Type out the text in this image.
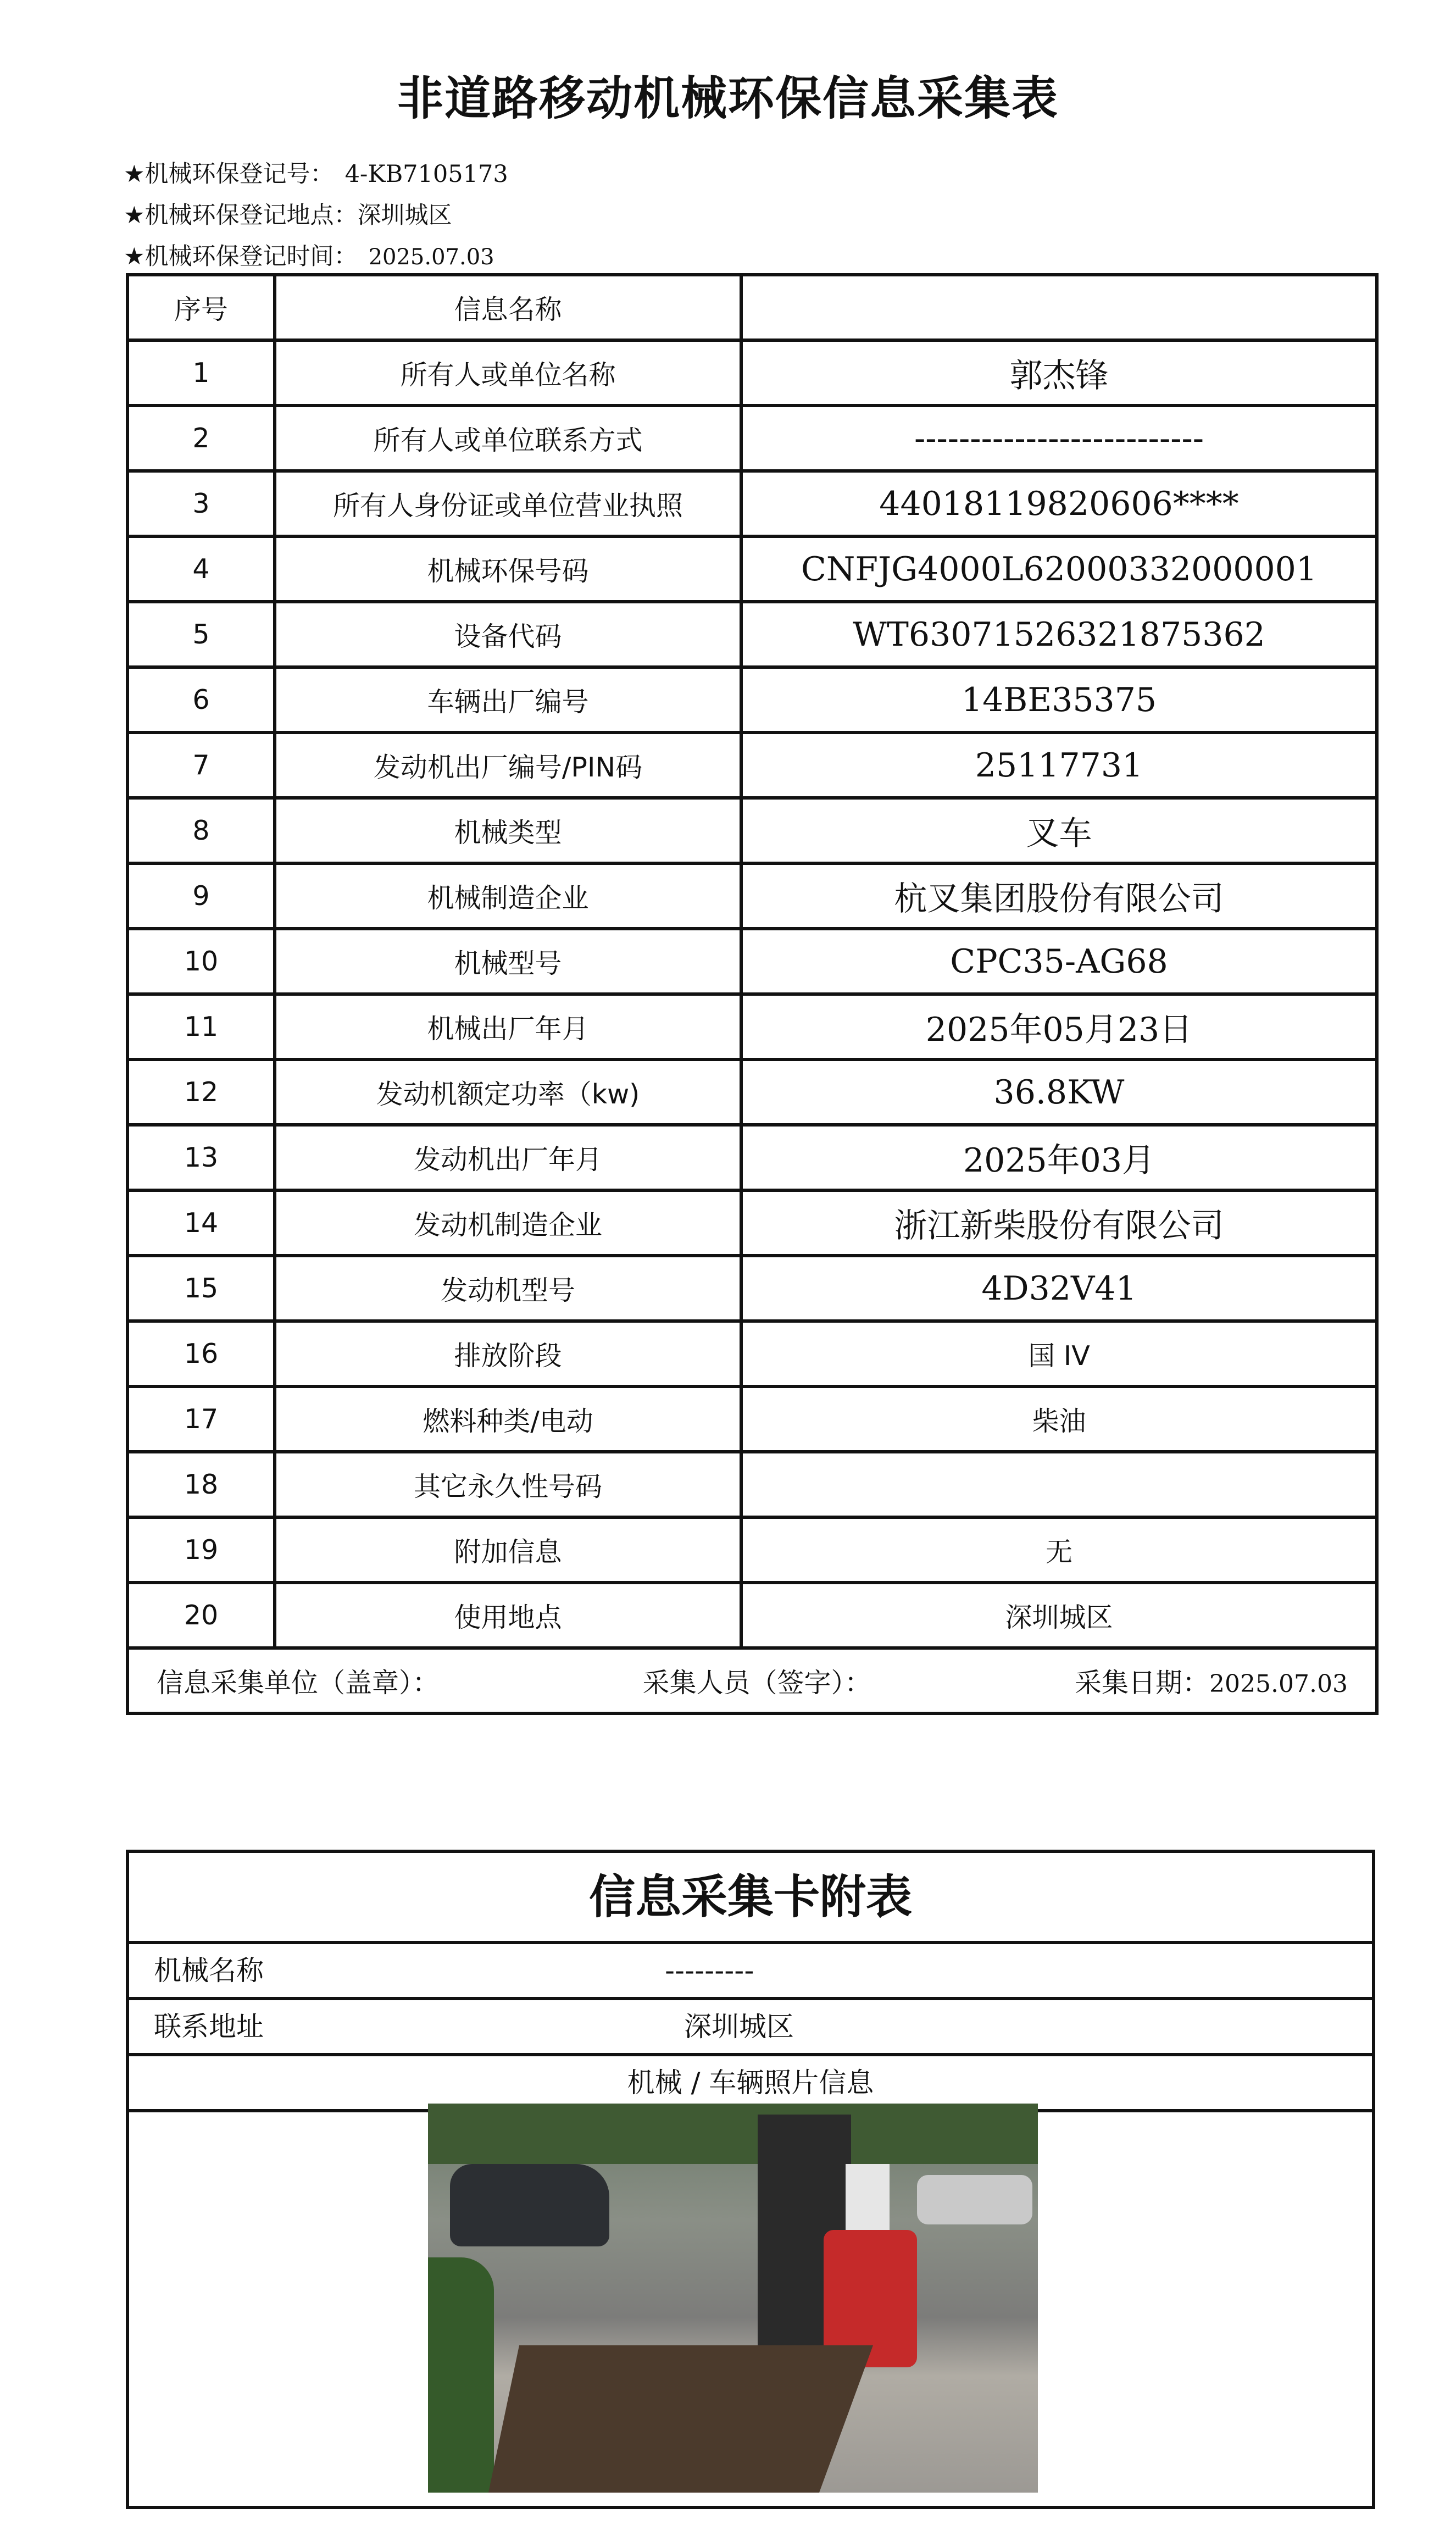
非道路移动机械环保信息采集表
★机械环保登记号： 4-KB7105173
★机械环保登记地点：深圳城区
★机械环保登记时间： 2025.07.03
序号	信息名称	
1	所有人或单位名称	郭杰锋
2	所有人或单位联系方式	--------------------------
3	所有人身份证或单位营业执照	44018119820606****
4	机械环保号码	CNFJG4000L62000332000001
5	设备代码	WT63071526321875362
6	车辆出厂编号	14BE35375
7	发动机出厂编号/PIN码	25117731
8	机械类型	叉车
9	机械制造企业	杭叉集团股份有限公司
10	机械型号	CPC35-AG68
11	机械出厂年月	2025年05月23日
12	发动机额定功率（kw)	36.8KW
13	发动机出厂年月	2025年03月
14	发动机制造企业	浙江新柴股份有限公司
15	发动机型号	4D32V41
16	排放阶段	国 IV
17	燃料种类/电动	柴油
18	其它永久性号码	
19	附加信息	无
20	使用地点	深圳城区

信息采集单位（盖章）： 采集人员（签字）： 采集日期：2025.07.03		
信息采集卡附表
机械名称	---------
联系地址	深圳城区
机械 / 车辆照片信息
